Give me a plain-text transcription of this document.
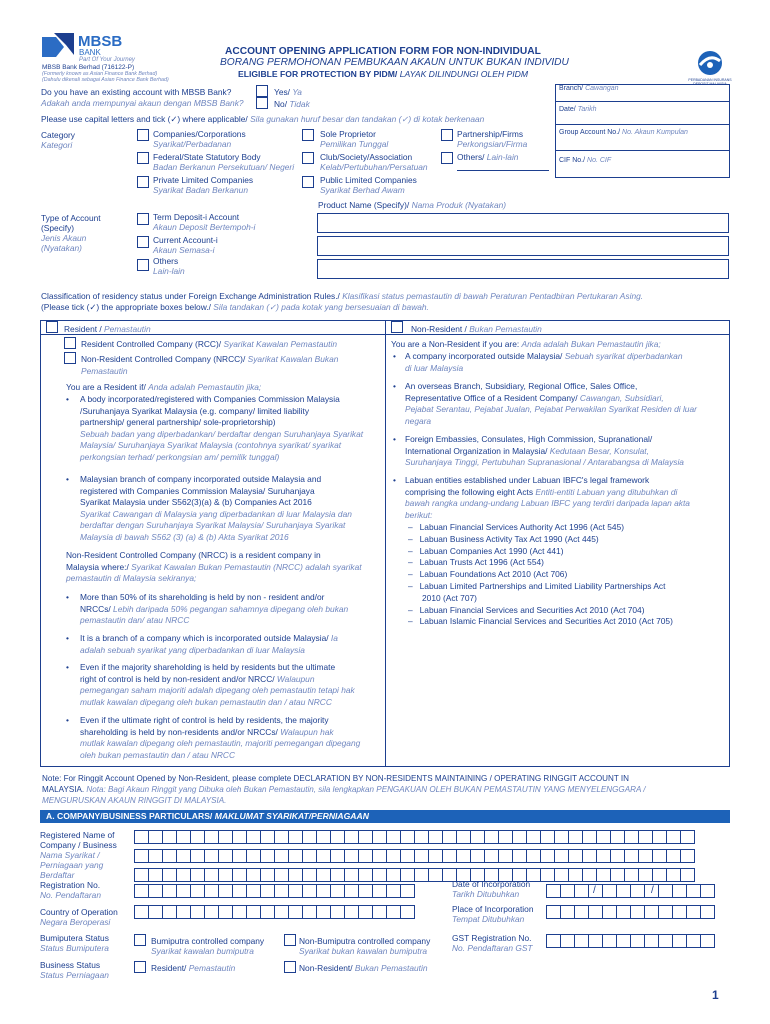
MBSB
BANK
Part Of Your Journey
MBSB Bank Berhad (716122-P)
(Formerly known as Asian Finance Bank Berhad)
(Dahulu dikenali sebagai Asian Finance Bank Berhad)
ACCOUNT OPENING APPLICATION FORM FOR NON-INDIVIDUAL
BORANG PERMOHONAN PEMBUKAAN AKAUN UNTUK BUKAN INDIVIDU
ELIGIBLE FOR PROTECTION BY PIDM/ LAYAK DILINDUNGI OLEH PIDM
PERBADANAN INSURANS
Branch/ Cawangan
Date/ Tarikh
Group Account No./ No. Akaun Kumpulan
CIF No./ No. CIF
Do you have an existing account with MBSB Bank?
Adakah anda mempunyai akaun dengan MBSB Bank?
Yes/ Ya
No/ Tidak
Please use capital letters and tick (✓) where applicable/ Sila gunakan huruf besar dan tandakan (✓) di kotak berkenaan
Category
Kategori
Companies/Corporations
Syarikat/Perbadanan
Federal/State Statutory Body
Badan Berkanun Persekutuan/ Negeri
Private Limited Companies
Syarikat Badan Berkanun
Sole Proprietor
Pemilikan Tunggal
Club/Society/Association
Kelab/Pertubuhan/Persatuan
Public Limited Companies
Syarikat Berhad Awam
Partnership/Firms
Perkongsian/Firma
Others/ Lain-lain
Product Name (Specify)/ Nama Produk (Nyatakan)
Type of Account
(Specify)
Jenis Akaun
(Nyatakan)
Term Deposit-i Account
Akaun Deposit Bertempoh-i
Current Account-i
Akaun Semasa-i
Others
Lain-lain
Classification of residency status under Foreign Exchange Administration Rules./ Klasifikasi status pemastautin di bawah Peraturan Pentadbiran Pertukaran Asing.
(Please tick (✓) the appropriate boxes below./ Sila tandakan (✓) pada kotak yang bersesuaian di bawah.
Resident / Pemastautin
Resident Controlled Company (RCC)/ Syarikat Kawalan Pemastautin
Non-Resident Controlled Company (NRCC)/ Syarikat Kawalan Bukan
Pemastautin
You are a Resident if/ Anda adalah Pemastautin jika;
• A body incorporated/registered with Companies Commission Malaysia
/Suruhanjaya Syarikat Malaysia (e.g. company/ limited liability
partnership/ general partnership/ sole-proprietorship)
Sebuah badan yang diperbadankan/ berdaftar dengan Suruhanjaya Syarikat
Malaysia/ Suruhanjaya Syarikat Malaysia (contohnya syarikat/ syarikat
perkongsian terhad/ perkongsian am/ pemilik tunggal)
• Malaysian branch of company incorporated outside Malaysia and
registered with Companies Commission Malaysia/ Suruhanjaya
Syarikat Malaysia under S562(3)(a) & (b) Companies Act 2016
Syarikat Cawangan di Malaysia yang diperbadankan di luar Malaysia dan
berdaftar dengan Suruhanjaya Syarikat Malaysia/ Suruhanjaya Syarikat
Malaysia di bawah S562 (3) (a) & (b) Akta Syarikat 2016
Non-Resident Controlled Company (NRCC) is a resident company in
Malaysia where:/ Syarikat Kawalan Bukan Pemastautin (NRCC) adalah syarikat
pemastautin di Malaysia sekiranya;
• More than 50% of its shareholding is held by non - resident and/or
NRCCs/ Lebih daripada 50% pegangan sahamnya dipegang oleh bukan
pemastautin dan/ atau NRCC
• It is a branch of a company which is incorporated outside Malaysia/ Ia
adalah sebuah syarikat yang diperbadankan di luar Malaysia
• Even if the majority shareholding is held by residents but the ultimate
right of control is held by non-resident and/or NRCC/ Walaupun
pemegangan saham majoriti adalah dipegang oleh pemastautin tetapi hak
mutlak kawalan dipegang oleh bukan pemastautin dan / atau NRCC
• Even if the ultimate right of control is held by residents, the majority
shareholding is held by non-residents and/or NRCCs/ Walaupun hak
mutlak kawalan dipegang oleh pemastautin, majoriti pemegangan dipegang
oleh bukan pemastautin dan / atau NRCC
Non-Resident / Bukan Pemastautin
You are a Non-Resident if you are: Anda adalah Bukan Pemastautin jika;
• A company incorporated outside Malaysia/ Sebuah syarikat diperbadankan
di luar Malaysia
• An overseas Branch, Subsidiary, Regional Office, Sales Office,
Representative Office of a Resident Company/ Cawangan, Subsidiari,
Pejabat Serantau, Pejabat Jualan, Pejabat Perwakilan Syarikat Residen di luar
negara
• Foreign Embassies, Consulates, High Commission, Supranational/
International Organization in Malaysia/ Kedutaan Besar, Konsulat,
Suruhanjaya Tinggi, Pertubuhan Supranasional / Antarabangsa di Malaysia
• Labuan entities established under Labuan IBFC's legal framework
comprising the following eight Acts Entiti-entiti Labuan yang ditubuhkan di
bawah rangka undang-undang Labuan IBFC yang terdiri daripada lapan akta
berikut:
–   Labuan Financial Services Authority Act 1996 (Act 545)
–   Labuan Business Activity Tax Act 1990 (Act 445)
–   Labuan Companies Act 1990 (Act 441)
–   Labuan Trusts Act 1996 (Act 554)
–   Labuan Foundations Act 2010 (Act 706)
–   Labuan Limited Partnerships and Limited Liability Partnerships Act
2010 (Act 707)
–   Labuan Financial Services and Securities Act 2010 (Act 704)
–   Labuan Islamic Financial Services and Securities Act 2010 (Act 705)
Note: For Ringgit Account Opened by Non-Resident, please complete DECLARATION BY NON-RESIDENTS MAINTAINING / OPERATING RINGGIT ACCOUNT IN
MALAYSIA. Nota: Bagi Akaun Ringgit yang Dibuka oleh Bukan Pemastautin, sila lengkapkan PENGAKUAN OLEH BUKAN PEMASTAUTIN YANG MENYELENGGARA /
MENGURUSKAN AKAUN RINGGIT DI MALAYSIA.
A. COMPANY/BUSINESS PARTICULARS/ MAKLUMAT SYARIKAT/PERNIAGAAN
Registered Name of
Company / Business
Nama Syarikat /
Perniagaan yang
Berdaftar
Registration No.
No. Pendaftaran
Date of Incorporation
Tarikh Ditubuhkan	/	/
Country of Operation
Negara Beroperasi
Place of Incorporation
Tempat Ditubuhkan
Bumiputera Status
Status Bumiputera
Bumiputra controlled company
Syarikat kawalan bumiputra
Non-Bumiputra controlled company
Syarikat bukan kawalan bumiputra
GST Registration No.
No. Pendaftaran GST
Business Status
Status Perniagaan
Resident/ Pemastautin	Non-Resident/ Bukan Pemastautin
1
